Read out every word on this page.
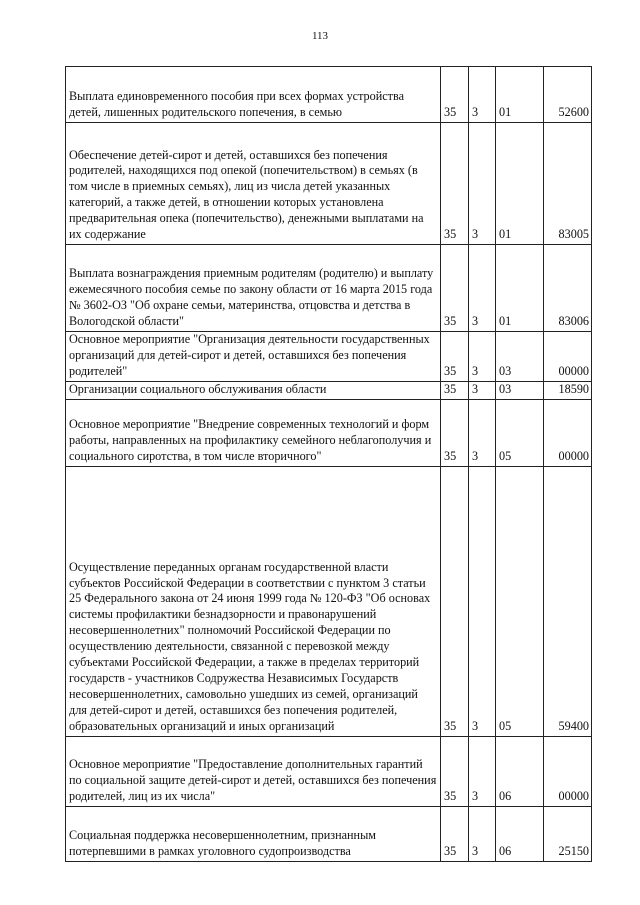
113
Выплата единовременного пособия при всех формах устройства детей, лишенных родительского попечения, в семью	35	3	01	52600
Обеспечение детей-сирот и детей, оставшихся без попечения родителей, находящихся под опекой (попечительством) в семьях (в том числе в приемных семьях), лиц из числа детей указанных категорий, а также детей, в отношении которых установлена предварительная опека (попечительство), денежными выплатами на их содержание	35	3	01	83005
Выплата вознаграждения приемным родителям (родителю) и выплату ежемесячного пособия семье по закону области от 16 марта 2015 года № 3602-ОЗ "Об охране семьи, материнства, отцовства и детства в Вологодской области"	35	3	01	83006
Основное мероприятие "Организация деятельности государственных организаций для детей-сирот и детей, оставшихся без попечения родителей"	35	3	03	00000
Организации социального обслуживания области	35	3	03	18590
Основное мероприятие "Внедрение современных технологий и форм работы, направленных на профилактику семейного неблагополучия и социального сиротства, в том числе вторичного"	35	3	05	00000
Осуществление переданных органам государственной власти субъектов Российской Федерации в соответствии с пунктом 3 статьи 25 Федерального закона от 24 июня 1999 года № 120-ФЗ "Об основах системы профилактики безнадзорности и правонарушений несовершеннолетних" полномочий Российской Федерации по осуществлению деятельности, связанной с перевозкой между субъектами Российской Федерации, а также в пределах территорий государств - участников Содружества Независимых Государств несовершеннолетних, самовольно ушедших из семей, организаций для детей-сирот и детей, оставшихся без попечения родителей, образовательных организаций и иных организаций	35	3	05	59400
Основное мероприятие "Предоставление дополнительных гарантий по социальной защите детей-сирот и детей, оставшихся без попечения родителей, лиц из их числа"	35	3	06	00000
Социальная поддержка несовершеннолетним, признанным потерпевшими в рамках уголовного судопроизводства	35	3	06	25150
